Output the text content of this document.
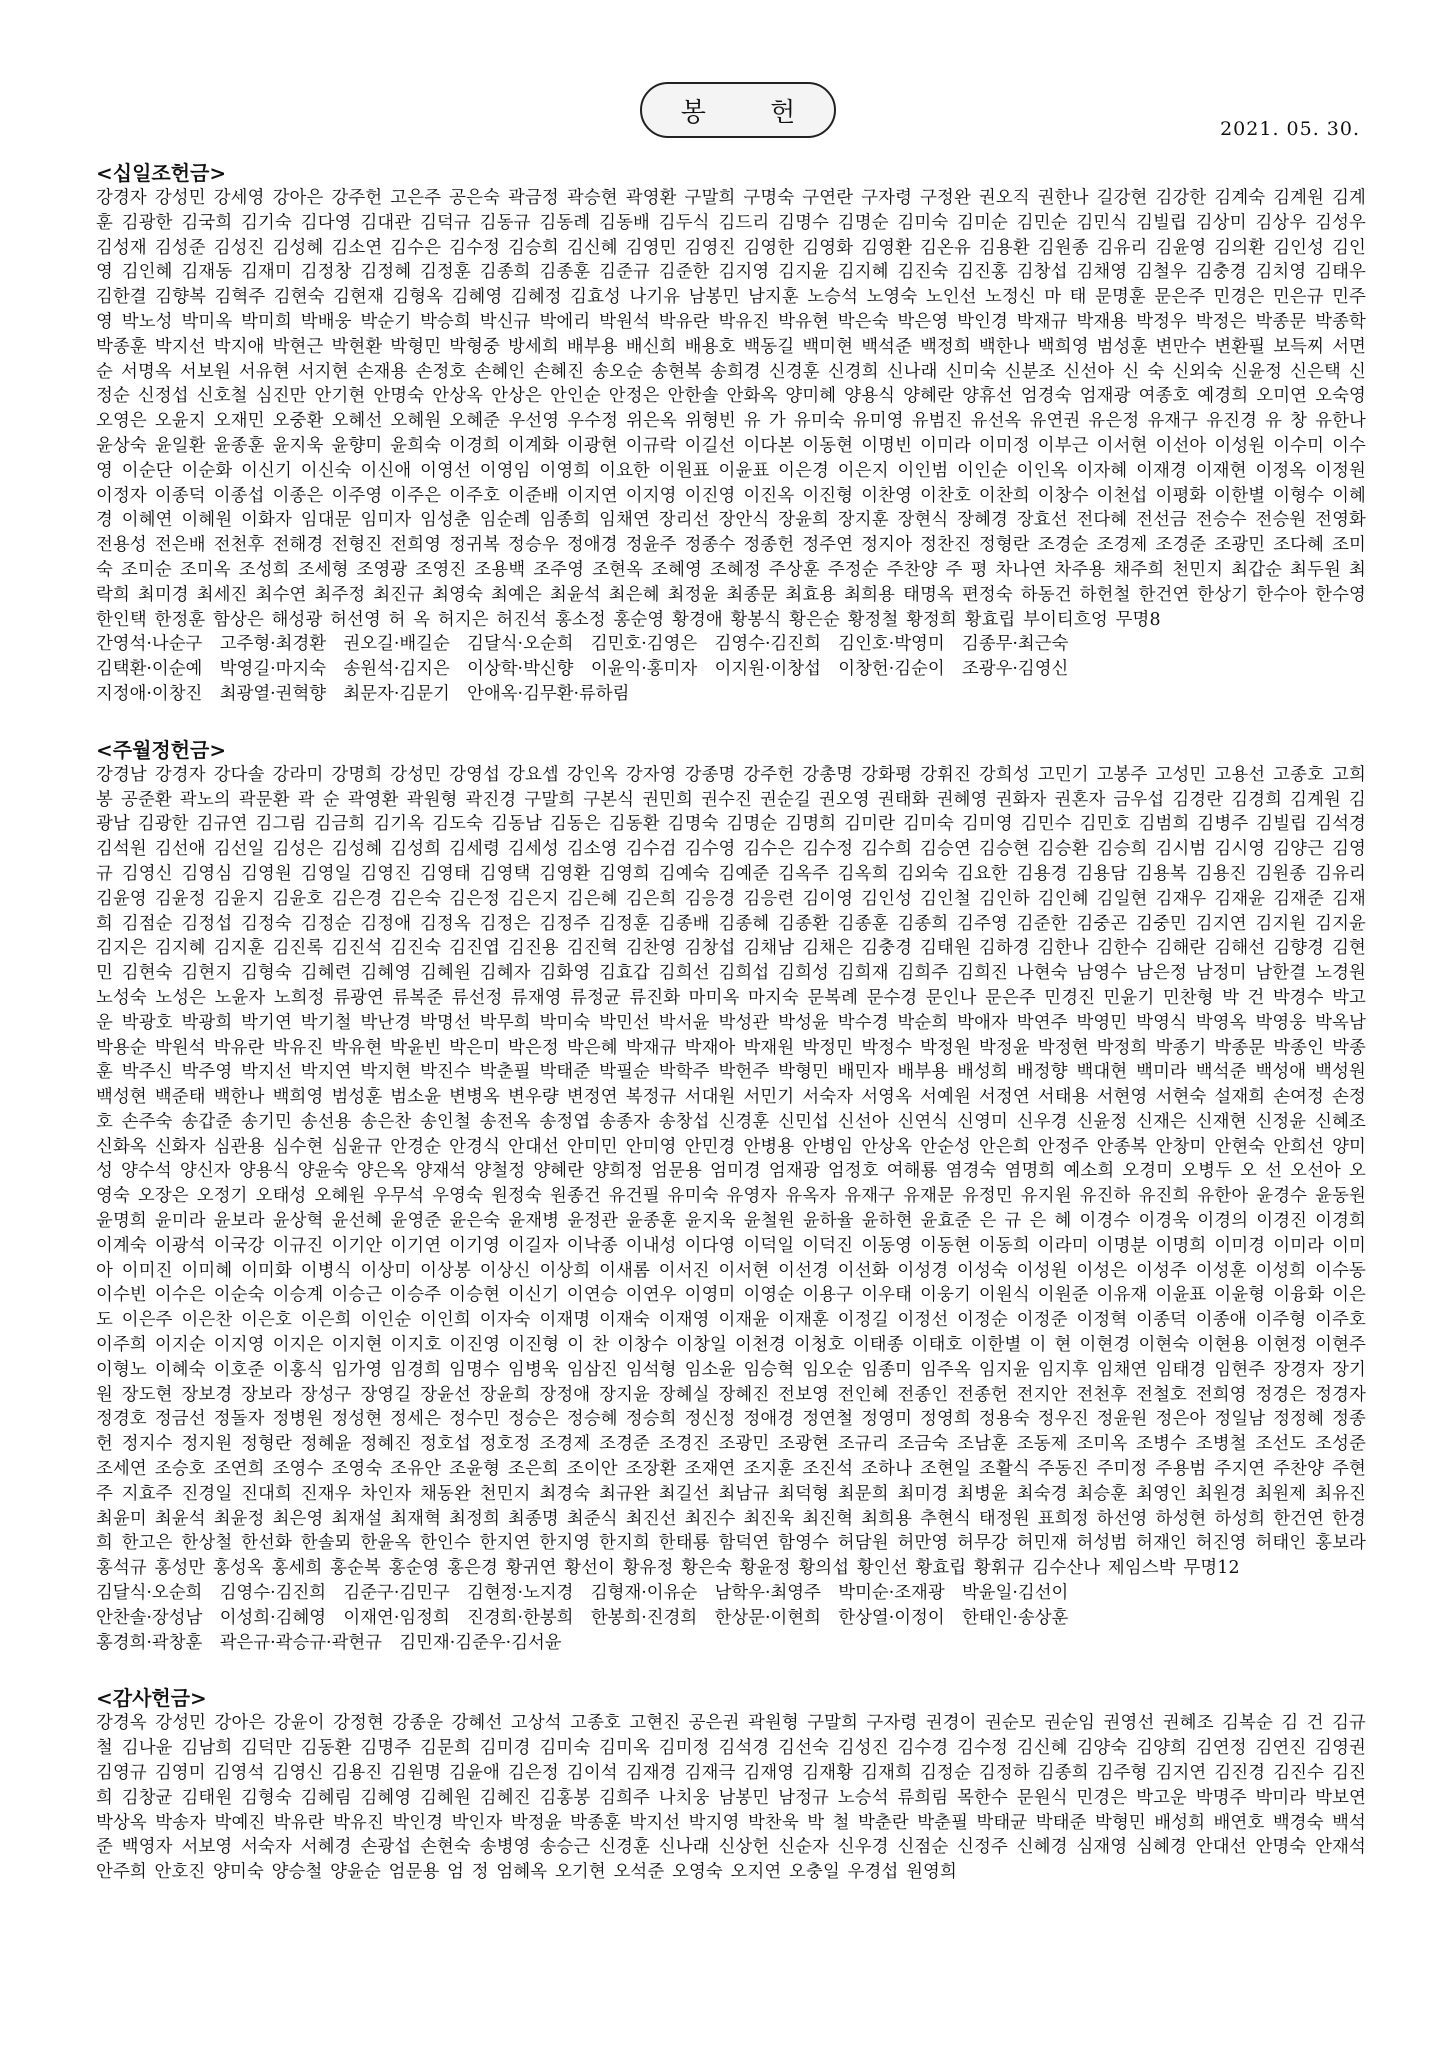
봉 헌
2021. 05. 30.
<십일조헌금>

강경자 강성민 강세영 강아은 강주헌 고은주 공은숙 곽금정 곽승현 곽영환 구말희 구명숙 구연란 구자령 구정완 권오직 권한나 길강현 김강한 김계숙 김계원 김계훈 김광한 김국희 김기숙 김다영 김대관 김덕규 김동규 김동례 김동배 김두식 김드리 김명수 김명순 김미숙 김미순 김민순 김민식 김빌립 김상미 김상우 김성우 김성재 김성준 김성진 김성혜 김소연 김수은 김수정 김승희 김신혜 김영민 김영진 김영한 김영화 김영환 김온유 김용환 김원종 김유리 김윤영 김의환 김인성 김인영 김인혜 김재동 김재미 김정창 김정혜 김정훈 김종희 김종훈 김준규 김준한 김지영 김지윤 김지혜 김진숙 김진홍 김창섭 김채영 김철우 김충경 김치영 김태우 김한결 김향복 김혁주 김현숙 김현재 김형옥 김혜영 김혜정 김효성 나기유 남봉민 남지훈 노승석 노영숙 노인선 노정신 마 태 문명훈 문은주 민경은 민은규 민주영 박노성 박미옥 박미희 박배웅 박순기 박승희 박신규 박에리 박원석 박유란 박유진 박유현 박은숙 박은영 박인경 박재규 박재용 박정우 박정은 박종문 박종학 박종훈 박지선 박지애 박현근 박현환 박형민 박형중 방세희 배부용 배신희 배용호 백동길 백미현 백석준 백정희 백한나 백희영 범성훈 변만수 변환필 보득찌 서면순 서명옥 서보원 서유현 서지현 손재용 손정호 손혜인 손혜진 송오순 송현복 송희경 신경훈 신경희 신나래 신미숙 신분조 신선아 신 숙 신외숙 신윤정 신은택 신정순 신정섭 신호철 심진만 안기현 안명숙 안상옥 안상은 안인순 안정은 안한솔 안화옥 양미혜 양용식 양혜란 양휴선 엄경숙 엄재광 여종호 예경희 오미연 오숙영 오영은 오윤지 오재민 오중환 오혜선 오혜원 오혜준 우선영 우수정 위은옥 위형빈 유 가 유미숙 유미영 유범진 유선옥 유연권 유은정 유재구 유진경 유 창 유한나 윤상숙 윤일환 윤종훈 윤지욱 윤향미 윤희숙 이경희 이계화 이광현 이규락 이길선 이다본 이동현 이명빈 이미라 이미정 이부근 이서현 이선아 이성원 이수미 이수영 이순단 이순화 이신기 이신숙 이신애 이영선 이영임 이영희 이요한 이원표 이윤표 이은경 이은지 이인범 이인순 이인옥 이자혜 이재경 이재현 이정옥 이정원 이정자 이종덕 이종섭 이종은 이주영 이주은 이주호 이준배 이지연 이지영 이진영 이진옥 이진형 이찬영 이찬호 이찬희 이창수 이천섭 이평화 이한별 이형수 이혜경 이혜연 이혜원 이화자 임대문 임미자 임성춘 임순례 임종희 임채연 장리선 장안식 장윤희 장지훈 장현식 장혜경 장효선 전다혜 전선금 전승수 전승원 전영화 전용성 전은배 전천후 전해경 전형진 전희영 정귀복 정승우 정애경 정윤주 정종수 정종헌 정주연 정지아 정찬진 정형란 조경순 조경제 조경준 조광민 조다혜 조미숙 조미순 조미옥 조성희 조세형 조영광 조영진 조용백 조주영 조현옥 조혜영 조혜정 주상훈 주정순 주찬양 주 평 차나연 차주용 채주희 천민지 최갑순 최두원 최락희 최미경 최세진 최수연 최주정 최진규 최영숙 최예은 최윤석 최은혜 최정윤 최종문 최효용 최희용 태명옥 편정숙 하동건 하헌철 한건연 한상기 한수아 한수영 한인택 한정훈 함상은 해성광 허선영 허 옥 허지은 허진석 홍소정 홍순영 황경애 황봉식 황은순 황정철 황정희 황효립 부이티흐엉 무명8

간영석·나순구　고주형·최경환　권오길·배길순　김달식·오순희　김민호·김영은　김영수·김진희　김인호·박영미　김종무·최근숙

김택환·이순예　박영길·마지숙　송원석·김지은　이상학·박신향　이윤익·홍미자　이지원·이창섭　이창헌·김순이　조광우·김영신

지정애·이창진　최광열·권혁향　최문자·김문기　안애옥·김무환·류하림

<주월정헌금>

강경남 강경자 강다솔 강라미 강명희 강성민 강영섭 강요셉 강인옥 강자영 강종명 강주헌 강총명 강화평 강휘진 강희성 고민기 고봉주 고성민 고용선 고종호 고희봉 공준환 곽노의 곽문환 곽 순 곽영환 곽원형 곽진경 구말희 구본식 권민희 권수진 권순길 권오영 권태화 권혜영 권화자 권혼자 금우섭 김경란 김경희 김계원 김광남 김광한 김규연 김그림 김금희 김기옥 김도숙 김동남 김동은 김동환 김명숙 김명순 김명희 김미란 김미숙 김미영 김민수 김민호 김범희 김병주 김빌립 김석경 김석원 김선애 김선일 김성은 김성혜 김성희 김세령 김세성 김소영 김수검 김수영 김수은 김수정 김수희 김승연 김승현 김승환 김승희 김시범 김시영 김양근 김영규 김영신 김영심 김영원 김영일 김영진 김영태 김영택 김영환 김영희 김예숙 김예준 김옥주 김옥희 김외숙 김요한 김용경 김용담 김용복 김용진 김원종 김유리 김윤영 김윤정 김윤지 김윤호 김은경 김은숙 김은정 김은지 김은혜 김은희 김응경 김응련 김이영 김인성 김인철 김인하 김인혜 김일현 김재우 김재윤 김재준 김재희 김점순 김정섭 김정숙 김정순 김정애 김정옥 김정은 김정주 김정훈 김종배 김종혜 김종환 김종훈 김종희 김주영 김준한 김중곤 김중민 김지연 김지원 김지윤 김지은 김지혜 김지훈 김진록 김진석 김진숙 김진엽 김진용 김진혁 김찬영 김창섭 김채남 김채은 김충경 김태원 김하경 김한나 김한수 김해란 김해선 김향경 김현민 김현숙 김현지 김형숙 김혜련 김혜영 김혜원 김혜자 김화영 김효갑 김희선 김희섭 김희성 김희재 김희주 김희진 나현숙 남영수 남은정 남정미 남한결 노경원 노성숙 노성은 노윤자 노희정 류광연 류복준 류선정 류재영 류정균 류진화 마미옥 마지숙 문복례 문수경 문인나 문은주 민경진 민윤기 민찬형 박 건 박경수 박고운 박광호 박광희 박기연 박기철 박난경 박명선 박무희 박미숙 박민선 박서윤 박성관 박성윤 박수경 박순희 박애자 박연주 박영민 박영식 박영옥 박영웅 박옥남 박용순 박원석 박유란 박유진 박유현 박윤빈 박은미 박은정 박은혜 박재규 박재아 박재원 박정민 박정수 박정원 박정윤 박정현 박정희 박종기 박종문 박종인 박종훈 박주신 박주영 박지선 박지연 박지현 박진수 박춘필 박태준 박필순 박학주 박헌주 박형민 배민자 배부용 배성희 배정향 백대현 백미라 백석준 백성애 백성원 백성현 백준태 백한나 백희영 범성훈 범소윤 변병옥 변우량 변정연 복정규 서대원 서민기 서숙자 서영옥 서예원 서정연 서태용 서현영 서현숙 설재희 손여정 손정호 손주숙 송갑준 송기민 송선용 송은찬 송인철 송전옥 송정엽 송종자 송창섭 신경훈 신민섭 신선아 신연식 신영미 신우경 신윤정 신재은 신재현 신정윤 신혜조 신화옥 신화자 심관용 심수현 심윤규 안경순 안경식 안대선 안미민 안미영 안민경 안병용 안병임 안상옥 안순성 안은희 안정주 안종복 안창미 안현숙 안희선 양미성 양수석 양신자 양용식 양윤숙 양은옥 양재석 양철정 양혜란 양희정 엄문용 엄미경 엄재광 엄정호 여해룡 염경숙 염명희 예소희 오경미 오병두 오 선 오선아 오영숙 오장은 오정기 오태성 오혜원 우무석 우영숙 원정숙 원종건 유건필 유미숙 유영자 유옥자 유재구 유재문 유정민 유지원 유진하 유진희 유한아 윤경수 윤동원 윤명희 윤미라 윤보라 윤상혁 윤선혜 윤영준 윤은숙 윤재병 윤정관 윤종훈 윤지욱 윤철원 윤하율 윤하현 윤효준 은 규 은 혜 이경수 이경욱 이경의 이경진 이경희 이계숙 이광석 이국강 이규진 이기안 이기연 이기영 이길자 이낙종 이내성 이다영 이덕일 이덕진 이동영 이동현 이동희 이라미 이명분 이명희 이미경 이미라 이미아 이미진 이미혜 이미화 이병식 이상미 이상봉 이상신 이상희 이새롬 이서진 이서현 이선경 이선화 이성경 이성숙 이성원 이성은 이성주 이성훈 이성희 이수동 이수빈 이수은 이순숙 이승계 이승근 이승주 이승현 이신기 이연승 이연우 이영미 이영순 이용구 이우태 이웅기 이원식 이원준 이유재 이윤표 이윤형 이융화 이은도 이은주 이은찬 이은호 이은희 이인순 이인희 이자숙 이재명 이재숙 이재영 이재윤 이재훈 이정길 이정선 이정순 이정준 이정혁 이종덕 이종애 이주형 이주호 이주희 이지순 이지영 이지은 이지현 이지호 이진영 이진형 이 찬 이창수 이창일 이천경 이청호 이태종 이태호 이한별 이 현 이현경 이현숙 이현용 이현정 이현주 이형노 이혜숙 이호준 이홍식 임가영 임경희 임명수 임병욱 임삼진 임석형 임소윤 임승혁 임오순 임종미 임주옥 임지윤 임지후 임채연 임태경 임현주 장경자 장기원 장도현 장보경 장보라 장성구 장영길 장윤선 장윤희 장정애 장지윤 장혜실 장혜진 전보영 전인혜 전종인 전종헌 전지안 전천후 전철호 전희영 정경은 정경자 정경호 정금선 정돌자 정병원 정성현 정세은 정수민 정승은 정승혜 정승희 정신정 정애경 정연철 정영미 정영희 정용숙 정우진 정윤원 정은아 정일남 정정혜 정종헌 정지수 정지원 정형란 정혜윤 정혜진 정호섭 정호정 조경제 조경준 조경진 조광민 조광현 조규리 조금숙 조남훈 조동제 조미옥 조병수 조병철 조선도 조성준 조세연 조승호 조연희 조영수 조영숙 조유안 조윤형 조은희 조이안 조장환 조재연 조지훈 조진석 조하나 조현일 조활식 주동진 주미정 주용범 주지연 주찬양 주현주 지효주 진경일 진대희 진재우 차인자 채동완 천민지 최경숙 최규완 최길선 최남규 최덕형 최문희 최미경 최병윤 최숙경 최승훈 최영인 최원경 최원제 최유진 최윤미 최윤석 최윤정 최은영 최재설 최재혁 최정희 최종명 최준식 최진선 최진수 최진욱 최진혁 최희용 추현식 태정원 표희정 하선영 하성현 하성희 한건연 한경희 한고은 한상철 한선화 한솔뫼 한윤옥 한인수 한지연 한지영 한지희 한태룡 함덕연 함영수 허담원 허만영 허무강 허민재 허성범 허재인 허진영 허태인 홍보라 홍석규 홍성만 홍성옥 홍세희 홍순복 홍순영 홍은경 황귀연 황선이 황유정 황은숙 황윤정 황의섭 황인선 황효립 황휘규 김수산나 제임스박 무명12

김달식·오순희　김영수·김진희　김준구·김민구　김현정·노지경　김형재·이유순　남학우·최영주　박미순·조재광　박윤일·김선이

안찬솔·장성남　이성희·김혜영　이재연·임정희　진경희·한봉희　한봉희·진경희　한상문·이현희　한상열·이정이　한태인·송상훈

홍경희·곽창훈　곽은규·곽승규·곽현규　김민재·김준우·김서윤

<감사헌금>

강경옥 강성민 강아은 강윤이 강정현 강종운 강혜선 고상석 고종호 고현진 공은권 곽원형 구말희 구자령 권경이 권순모 권순임 권영선 권혜조 김복순 김 건 김규철 김나윤 김남희 김덕만 김동환 김명주 김문희 김미경 김미숙 김미옥 김미정 김석경 김선숙 김성진 김수경 김수정 김신혜 김양숙 김양희 김연정 김연진 김영권 김영규 김영미 김영석 김영신 김용진 김원명 김윤애 김은정 김이석 김재경 김재극 김재영 김재황 김재희 김정순 김정하 김종희 김주형 김지연 김진경 김진수 김진희 김창균 김태원 김형숙 김혜림 김혜영 김혜원 김혜진 김홍봉 김희주 나치웅 남봉민 남정규 노승석 류희림 목한수 문원식 민경은 박고운 박명주 박미라 박보연 박상옥 박송자 박예진 박유란 박유진 박인경 박인자 박정윤 박종훈 박지선 박지영 박찬욱 박 철 박춘란 박춘필 박태균 박태준 박형민 배성희 배연호 백경숙 백석준 백영자 서보영 서숙자 서혜경 손광섭 손현숙 송병영 송승근 신경훈 신나래 신상헌 신순자 신우경 신점순 신정주 신혜경 심재영 심혜경 안대선 안명숙 안재석 안주희 안호진 양미숙 양승철 양윤순 엄문용 엄 정 엄혜옥 오기현 오석준 오영숙 오지연 오충일 우경섭 원영희
